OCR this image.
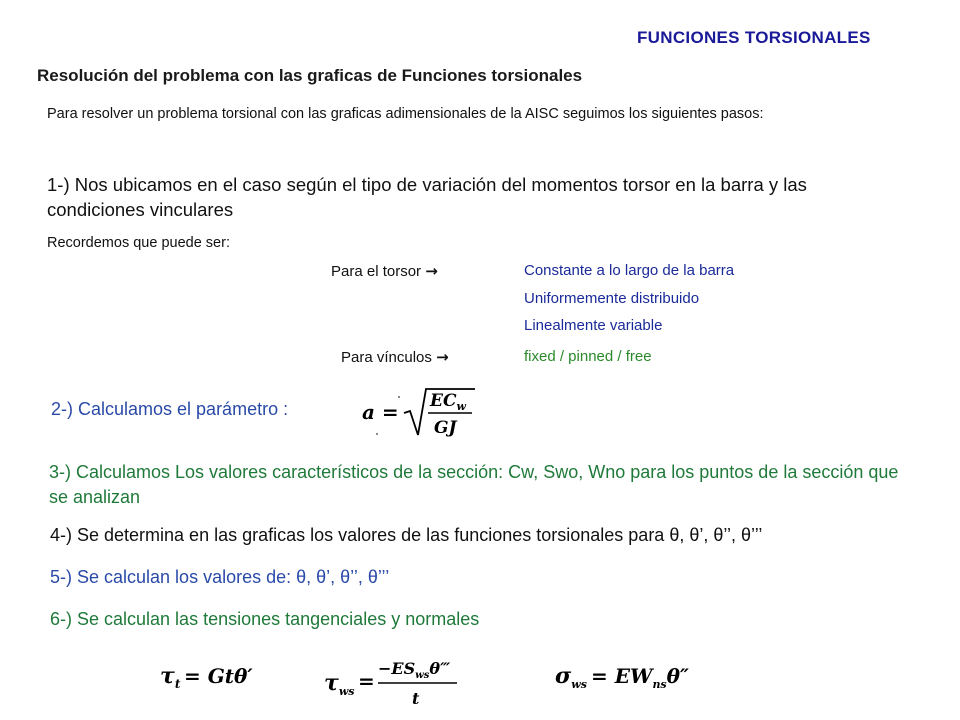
FUNCIONES TORSIONALES
Resolución del problema con las graficas de Funciones torsionales
Para resolver un problema torsional con las graficas adimensionales de la AISC seguimos los siguientes pasos:
1-) Nos ubicamos en el caso según el tipo de variación del momentos torsor en la barra y las condiciones vinculares
Recordemos que puede ser:
Para el torsor →	Constante a lo largo de la barra
Uniformemente distribuido
Linealmente variable
Para vínculos →	fixed / pinned / free
2-) Calculamos el parámetro :	$a = EC_w$
GJ
3-) Calculamos Los valores característicos de la sección: Cw, Swo, Wno para los puntos de la sección que se analizan
4-) Se determina en las graficas los valores de las funciones torsionales para θ, θ’, θ’’, θ’’’
5-) Se calculan los valores de: θ, θ’, θ’’, θ’’’
6-) Se calculan las tensiones tangenciales y normales
$\tau_t = Gt\theta'$	$\tau_{ws}$ =
$-ES_{ws}\theta‴$
t
$\sigma_{ws} = EW_{ns}\theta''$
